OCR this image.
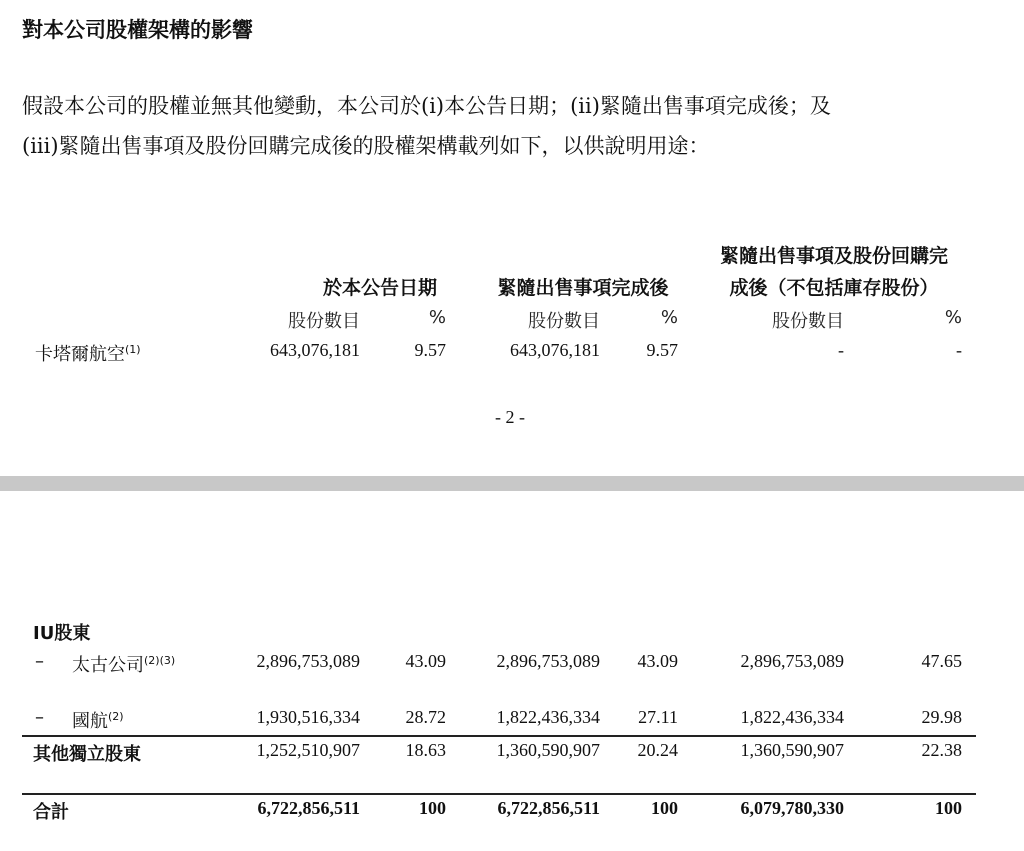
對本公司股權架構的影響
假設本公司的股權並無其他變動，本公司於(i)本公告日期；(ii)緊隨出售事項完成後；及
(iii)緊隨出售事項及股份回購完成後的股權架構載列如下，以供說明用途：
於本公告日期	緊隨出售事項完成後
緊隨出售事項及股份回購完
成後（不包括庫存股份）
股份數目	%	股份數目	%	股份數目	%
卡塔爾航空$^{(1)}$	643,076,181	9.57	643,076,181	9.57	-	-
- 2 -
IU股東
– 太古公司$^{(2)(3)}$	2,896,753,089	43.09	2,896,753,089	43.09	2,896,753,089	47.65
– 國航$^{(2)}$	1,930,516,334	28.72	1,822,436,334	27.11	1,822,436,334	29.98
其他獨立股東	1,252,510,907	18.63	1,360,590,907	20.24	1,360,590,907	22.38
合計	6,722,856,511	100	6,722,856,511	100	6,079,780,330	100
